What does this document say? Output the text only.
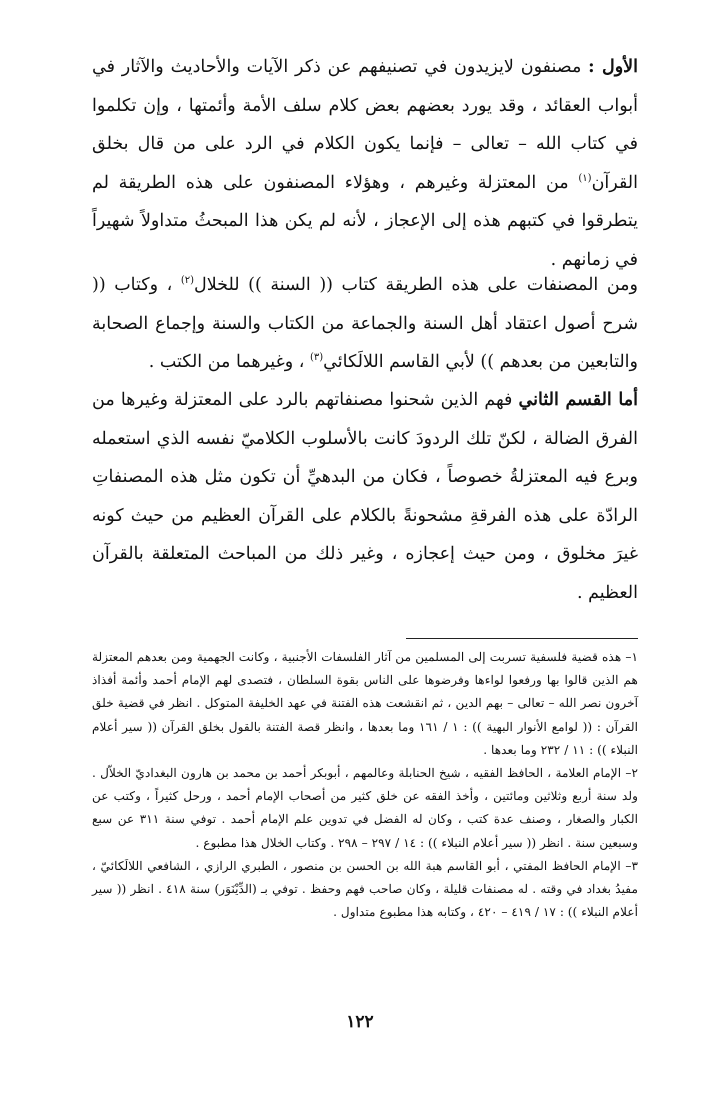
الأول : مصنفون لايزيدون في تصنيفهم عن ذكر الآيات والأحاديث والآثار في أبواب العقائد ، وقد يورد بعضهم بعض كلام سلف الأمة وأئمتها ، وإن تكلموا في كتاب الله – تعالى – فإنما يكون الكلام في الرد على من قال بخلق القرآن$^{(١)}$ من المعتزلة وغيرهم ، وهؤلاء المصنفون على هذه الطريقة لم يتطرقوا في كتبهم هذه إلى الإعجاز ، لأنه لم يكن هذا المبحثُ متداولاً شهيراً في زمانهم .
ومن المصنفات على هذه الطريقة كتاب (( السنة )) للخلال$^{(٢)}$ ، وكتاب (( شرح أصول اعتقاد أهل السنة والجماعة من الكتاب والسنة وإجماع الصحابة والتابعين من بعدهم )) لأبي القاسم اللالَكائي$^{(٣)}$ ، وغيرهما من الكتب .
أما القسم الثاني فهم الذين شحنوا مصنفاتهم بالرد على المعتزلة وغيرها من الفرق الضالة ، لكنّ تلك الردودَ كانت بالأسلوب الكلاميّ نفسه الذي استعمله وبرع فيه المعتزلةُ خصوصاً ، فكان من البدهيِّ أن تكون مثل هذه المصنفاتِ الرادّة على هذه الفرقةِ مشحونةً بالكلام على القرآن العظيم من حيث كونه غيرَ مخلوق ، ومن حيث إعجازه ، وغير ذلك من المباحث المتعلقة بالقرآن العظيم .

١– هذه قضية فلسفية تسربت إلى المسلمين من آثار الفلسفات الأجنبية ، وكانت الجهمية ومن بعدهم المعتزلة هم الذين قالوا بها ورفعوا لواءها وفرضوها على الناس بقوة السلطان ، فتصدى لهم الإمام أحمد وأئمة أفذاذ آخرون نصر الله – تعالى – بهم الدين ، ثم انقشعت هذه الفتنة في عهد الخليفة المتوكل . انظر في قضية خلق القرآن : (( لوامع الأنوار البهية )) : ١ / ١٦١ وما بعدها ، وانظر قصة الفتنة بالقول بخلق القرآن (( سير أعلام النبلاء )) : ١١ / ٢٣٢ وما بعدها .

٢– الإمام العلامة ، الحافظ الفقيه ، شيخ الحنابلة وعالمهم ، أبوبكر أحمد بن محمد بن هارون البغداديّ الخلاّل . ولد سنة أربع وثلاثين ومائتين ، وأخذ الفقه عن خلق كثير من أصحاب الإمام أحمد ، ورحل كثيراً ، وكتب عن الكبار والصغار ، وصنف عدة كتب ، وكان له الفضل في تدوين علم الإمام أحمد . توفي سنة ٣١١ عن سبع وسبعين سنة . انظر (( سير أعلام النبلاء )) : ١٤ / ٢٩٧ – ٢٩٨ . وكتاب الخلال هذا مطبوع .

٣– الإمام الحافظ المفتي ، أبو القاسم هبة الله بن الحسن بن منصور ، الطبري الرازي ، الشافعي اللالَكائيّ ، مفيدُ بغداد في وقته . له مصنفات قليلة ، وكان صاحب فهم وحفظ . توفي بـ (الدِّيْنَوَر) سنة ٤١٨ . انظر (( سير أعلام النبلاء )) : ١٧ / ٤١٩ – ٤٢٠ ، وكتابه هذا مطبوع متداول .

١٢٢
